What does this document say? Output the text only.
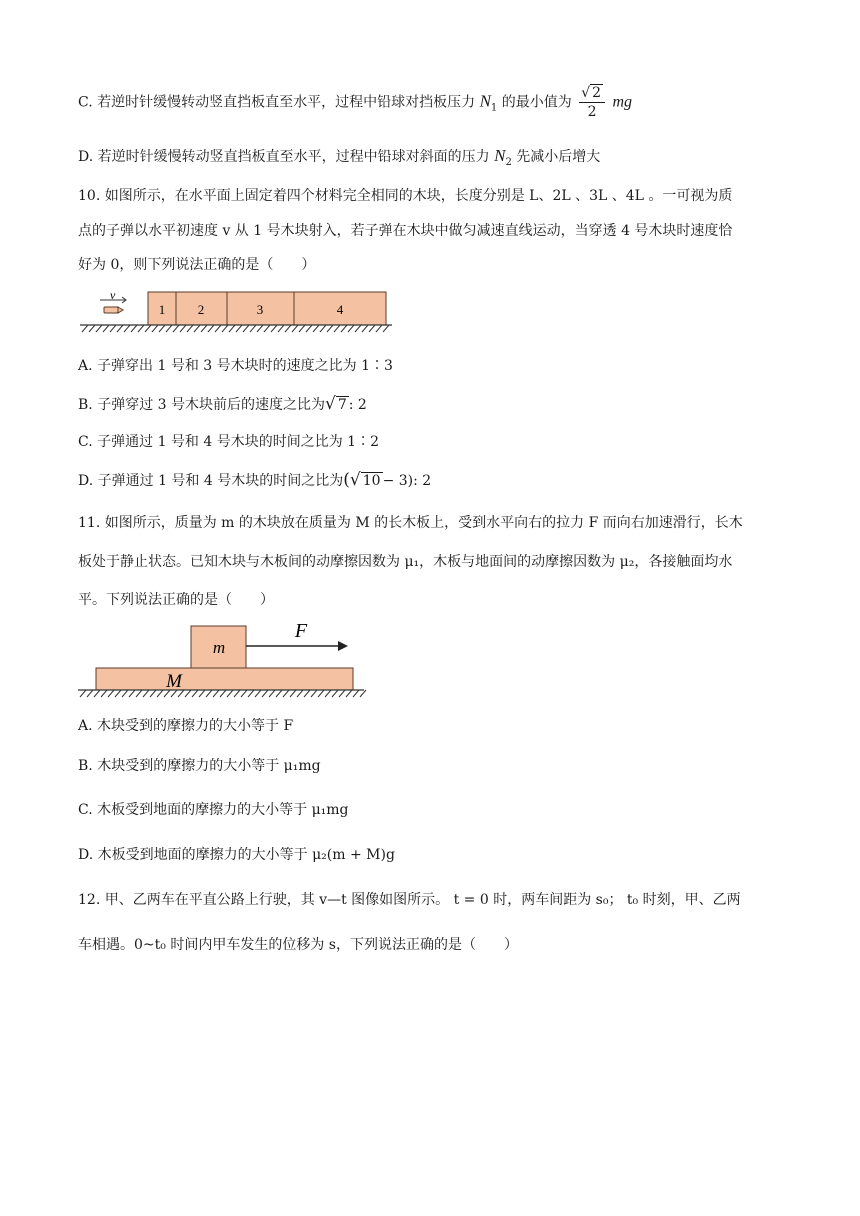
C. 若逆时针缓慢转动竖直挡板直至水平，过程中铅球对挡板压力 $N_1$ 的最小值为 $\frac{√ 2}{2}$ mg
D. 若逆时针缓慢转动竖直挡板直至水平，过程中铅球对斜面的压力 $N_2$ 先减小后增大
10. 如图所示，在水平面上固定着四个材料完全相同的木块，长度分别是 L、2L 、3L 、4L 。一可视为质
点的子弹以水平初速度 v 从 1 号木块射入，若子弹在木块中做匀减速直线运动，当穿透 4 号木块时速度恰
好为 0，则下列说法正确的是（　　）
v
1	2	3	4
A. 子弹穿出 1 号和 3 号木块时的速度之比为 1∶3
B. 子弹穿过 3 号木块前后的速度之比为√ 7 : 2
C. 子弹通过 1 号和 4 号木块的时间之比为 1∶2
D. 子弹通过 1 号和 4 号木块的时间之比为(√ 10 − 3): 2
11. 如图所示，质量为 m 的木块放在质量为 M 的长木板上，受到水平向右的拉力 F 而向右加速滑行，长木
板处于静止状态。已知木块与木板间的动摩擦因数为 μ₁，木板与地面间的动摩擦因数为 μ₂，各接触面均水
平。下列说法正确的是（　　）
m
F
M
A. 木块受到的摩擦力的大小等于 F
B. 木块受到的摩擦力的大小等于 μ₁mg
C. 木板受到地面的摩擦力的大小等于 μ₁mg
D. 木板受到地面的摩擦力的大小等于 μ₂(m + M)g
12. 甲、乙两车在平直公路上行驶，其 v—t 图像如图所示。 t = 0 时，两车间距为 s₀； t₀ 时刻，甲、乙两
车相遇。0~t₀ 时间内甲车发生的位移为 s，下列说法正确的是（　　）
